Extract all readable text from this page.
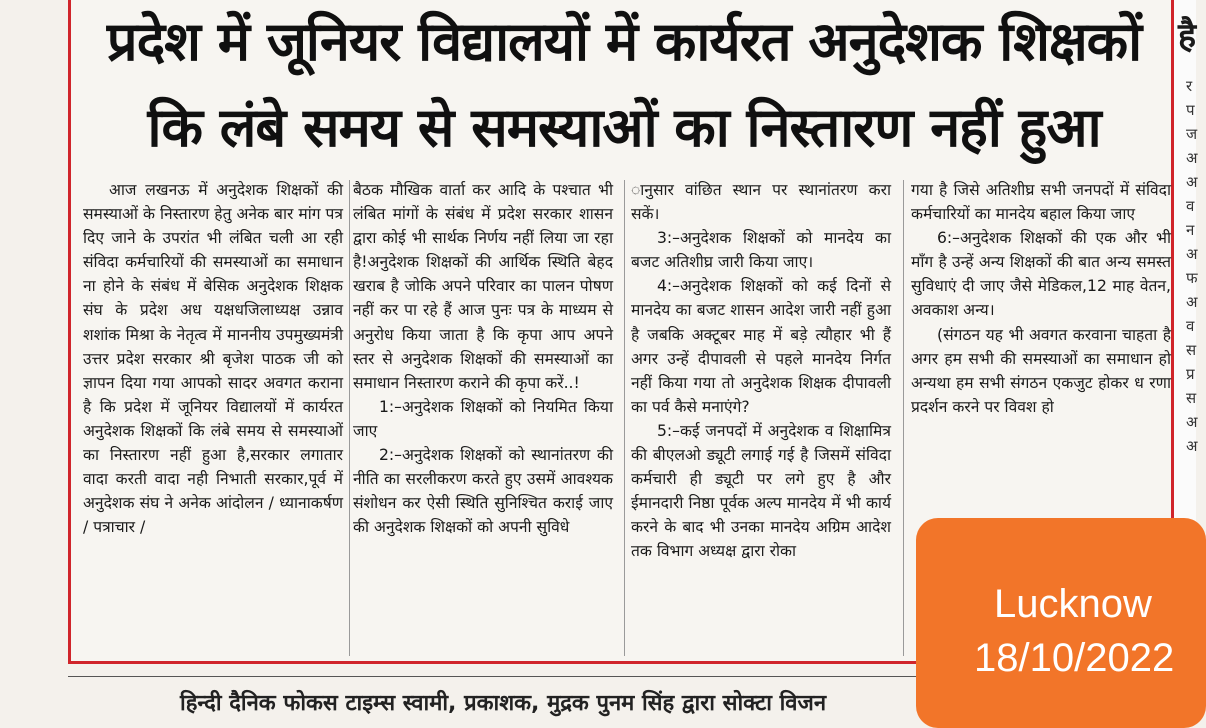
प्रदेश में जूनियर विद्यालयों में कार्यरत अनुदेशक शिक्षकों
कि लंबे समय से समस्याओं का निस्तारण नहीं हुआ

आज लखनऊ में अनुदेशक शिक्षकों की समस्याओं के निस्तारण हेतु अनेक बार मांग पत्र दिए जाने के उपरांत भी लंबित चली आ रही संविदा कर्मचारियों की समस्याओं का समाधान ना होने के संबंध में बेसिक अनुदेशक शिक्षक संघ के प्रदेश अध यक्षधजिलाध्यक्ष उन्नाव शशांक मिश्रा के नेतृत्व में माननीय उपमुख्यमंत्री उत्तर प्रदेश सरकार श्री बृजेश पाठक जी को ज्ञापन दिया गया आपको सादर अवगत कराना है कि प्रदेश में जूनियर विद्यालयों में कार्यरत अनुदेशक शिक्षकों कि लंबे समय से समस्याओं का निस्तारण नहीं हुआ है,सरकार लगातार वादा करती वादा नही निभाती सरकार,पूर्व में अनुदेशक संघ ने अनेक आंदोलन / ध्यानाकर्षण / पत्राचार /

बैठक मौखिक वार्ता कर आदि के पश्चात भी लंबित मांगों के संबंध में प्रदेश सरकार शासन द्वारा कोई भी सार्थक निर्णय नहीं लिया जा रहा है!अनुदेशक शिक्षकों की आर्थिक स्थिति बेहद खराब है जोकि अपने परिवार का पालन पोषण नहीं कर पा रहे हैं आज पुनः पत्र के माध्यम से अनुरोध किया जाता है कि कृपा आप अपने स्तर से अनुदेशक शिक्षकों की समस्याओं का समाधान निस्तारण कराने की कृपा करें..!

1:–अनुदेशक शिक्षकों को नियमित किया जाए

2:–अनुदेशक शिक्षकों को स्थानांतरण की नीति का सरलीकरण करते हुए उसमें आवश्यक संशोधन कर ऐसी स्थिति सुनिश्चित कराई जाए की अनुदेशक शिक्षकों को अपनी सुविधे

ानुसार वांछित स्थान पर स्थानांतरण करा सकें।

3:–अनुदेशक शिक्षकों को मानदेय का बजट अतिशीघ्र जारी किया जाए।

4:–अनुदेशक शिक्षकों को कई दिनों से मानदेय का बजट शासन आदेश जारी नहीं हुआ है जबकि अक्टूबर माह में बड़े त्यौहार भी हैं अगर उन्हें दीपावली से पहले मानदेय निर्गत नहीं किया गया तो अनुदेशक शिक्षक दीपावली का पर्व कैसे मनाएंगे?

5:–कई जनपदों में अनुदेशक व शिक्षामित्र की बीएलओ ड्यूटी लगाई गई है जिसमें संविदा कर्मचारी ही ड्यूटी पर लगे हुए है और ईमानदारी निष्ठा पूर्वक अल्प मानदेय में भी कार्य करने के बाद भी उनका मानदेय अग्रिम आदेश तक विभाग अध्यक्ष द्वारा रोका

गया है जिसे अतिशीघ्र सभी जनपदों में संविदा कर्मचारियों का मानदेय बहाल किया जाए

6:–अनुदेशक शिक्षकों की एक और भी माँग है उन्हें अन्य शिक्षकों की बात अन्य समस्त सुविधाएं दी जाए जैसे मेडिकल,12 माह वेतन, अवकाश अन्य।

(संगठन यह भी अवगत करवाना चाहता है अगर हम सभी की समस्याओं का समाधान हो अन्यथा हम सभी संगठन एकजुट होकर ध रणा प्रदर्शन करने पर विवश हो

है
र
प
ज
अ
अ
व
न
अ
फ
अ
व
स
प्र
स
अ
अ
हिन्दी दैनिक फोकस टाइम्स स्वामी, प्रकाशक, मुद्रक पुनम सिंह द्वारा सोक्टा विजन
Lucknow
18/10/2022
